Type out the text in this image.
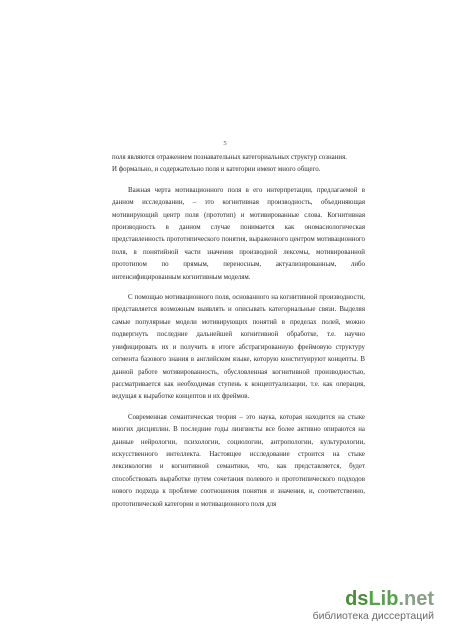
5

поля являются отражением познавательных категориальных структур сознания.

И формально, и содержательно поля и категории имеют много общего.

Важная черта мотивационного поля в его интерпретации, предлагаемой в данном исследовании, – это когнитивная производность, объединяющая мотивирующий центр поля (прототип) и мотивированные слова. Когнитивная производность в данном случае понимается как ономасиологическая представленность прототипического понятия, выраженного центром мотивационного поля, в понятийной части значения производной лексемы, мотивированной прототипом по прямым, переносным, актуализированным, либо интенсифицированным когнитивным моделям.

С помощью мотивационного поля, основанного на когнитивной производности, представляется возможным выявлять и описывать категориальные связи. Выделяя самые популярные модели мотивирующих понятий в пределах полей, можно подвергнуть последние дальнейшей когнитивной обработке, т.е. научно унифицировать их и получить в итоге абстрагированную фреймовую структуру сегмента базового знания в английском языке, которую конституируют концепты. В данной работе мотивированность, обусловленная когнитивной производностью, рассматривается как необходимая ступень к концептуализации, т.е. как операция, ведущая к выработке концептов и их фреймов.

Современная семантическая теория – это наука, которая находится на стыке многих дисциплин. В последние годы лингвисты все более активно опираются на данные нейрологии, психологии, социологии, антропологии, культурологии, искусственного интеллекта. Настоящее исследование строится на стыке лексикологии и когнитивной семантики, что, как представляется, будет способствовать выработке путем сочетания полевого и прототипического подходов нового подхода к проблеме соотношения понятия и значения, и, соответственно, прототипической категории и мотивационного поля для

dsLib.net
библиотека диссертаций
